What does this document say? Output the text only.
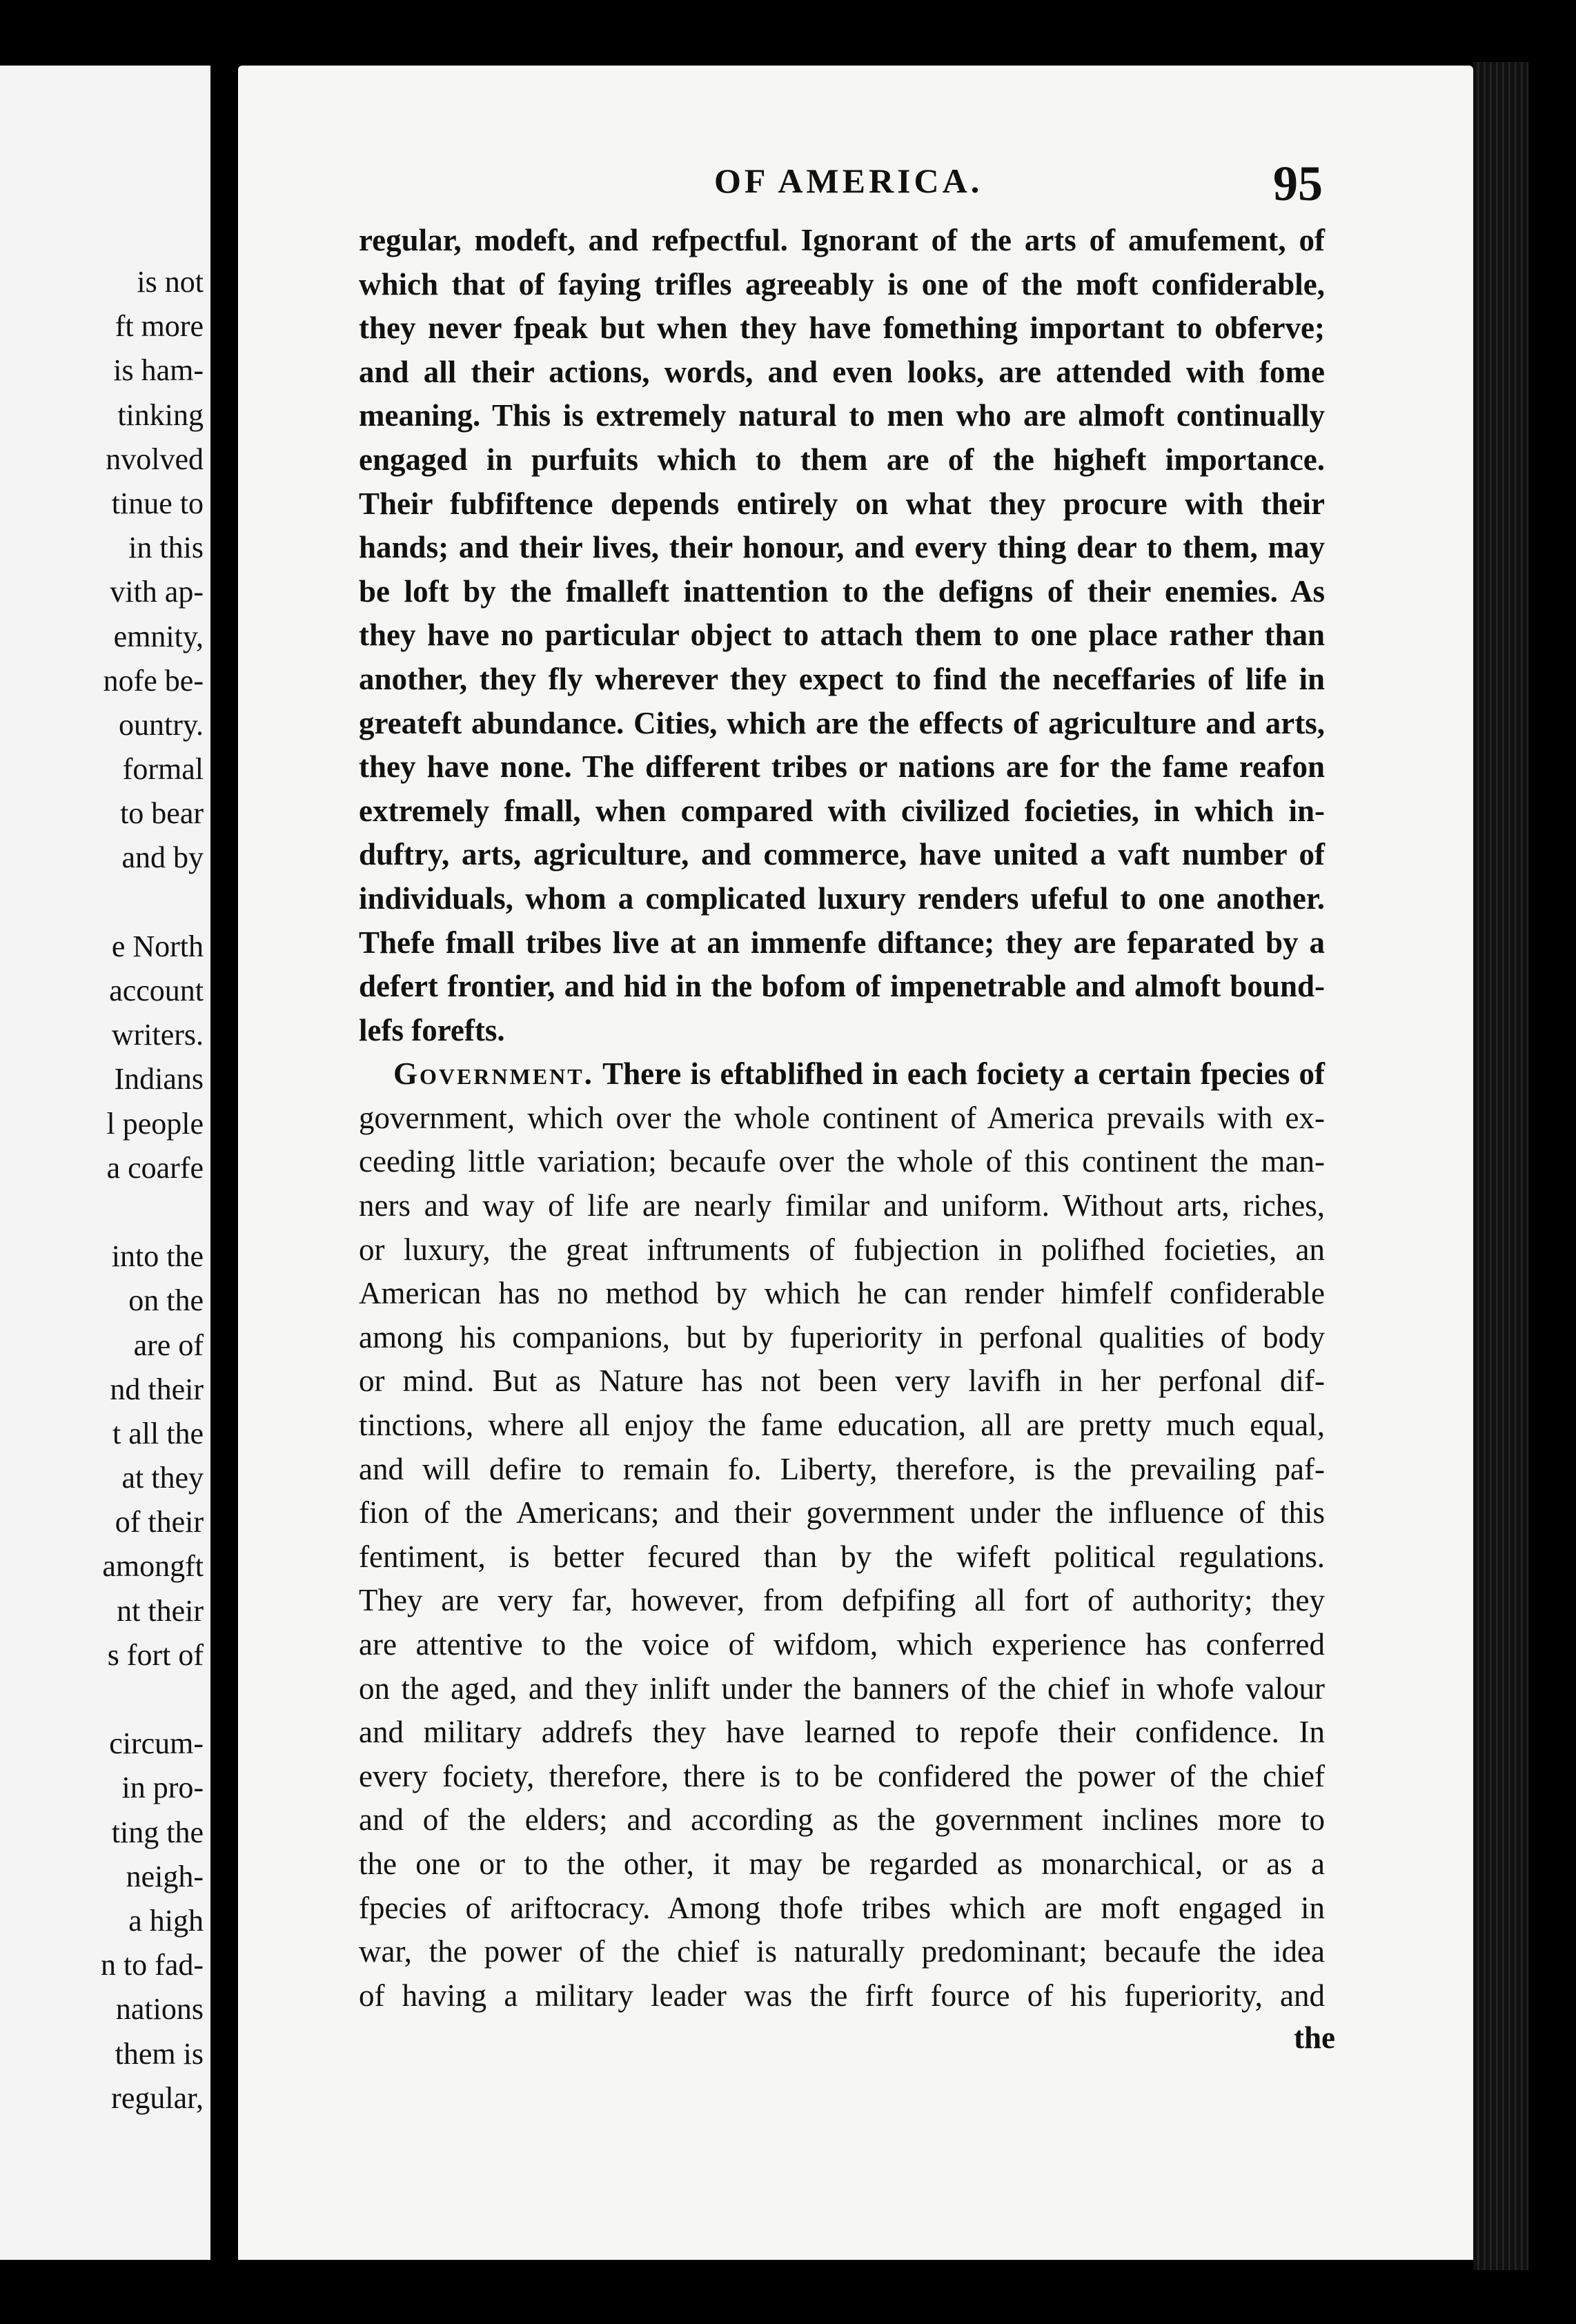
is not
ft more
is ham-
tinking
nvolved
tinue to
in this
vith ap-
emnity,
nofe be-
ountry.
formal
to bear
and by
e North
account
writers.
Indians
l people
a coarfe
into the
on the
are of
nd their
t all the
at they
of their
amongft
nt their
s fort of
circum-
in pro-
ting the
neigh-
a high
n to fad-
nations
them is
regular,
OF AMERICA.	95
regular, modeft, and refpectful. Ignorant of the arts of amufement, of
which that of faying trifles agreeably is one of the moft confiderable,
they never fpeak but when they have fomething important to obferve;
and all their actions, words, and even looks, are attended with fome
meaning. This is extremely natural to men who are almoft continually
engaged in purfuits which to them are of the higheft importance.
Their fubfiftence depends entirely on what they procure with their
hands; and their lives, their honour, and every thing dear to them, may
be loft by the fmalleft inattention to the defigns of their enemies. As
they have no particular object to attach them to one place rather than
another, they fly wherever they expect to find the neceffaries of life in
greateft abundance. Cities, which are the effects of agriculture and arts,
they have none. The different tribes or nations are for the fame reafon
extremely fmall, when compared with civilized focieties, in which in-
duftry, arts, agriculture, and commerce, have united a vaft number of
individuals, whom a complicated luxury renders ufeful to one another.
Thefe fmall tribes live at an immenfe diftance; they are feparated by a
defert frontier, and hid in the bofom of impenetrable and almoft bound-
lefs forefts.
Government. There is eftablifhed in each fociety a certain fpecies of
government, which over the whole continent of America prevails with ex-
ceeding little variation; becaufe over the whole of this continent the man-
ners and way of life are nearly fimilar and uniform. Without arts, riches,
or luxury, the great inftruments of fubjection in polifhed focieties, an
American has no method by which he can render himfelf confiderable
among his companions, but by fuperiority in perfonal qualities of body
or mind. But as Nature has not been very lavifh in her perfonal dif-
tinctions, where all enjoy the fame education, all are pretty much equal,
and will defire to remain fo. Liberty, therefore, is the prevailing paf-
fion of the Americans; and their government under the influence of this
fentiment, is better fecured than by the wifeft political regulations.
They are very far, however, from defpifing all fort of authority; they
are attentive to the voice of wifdom, which experience has conferred
on the aged, and they inlift under the banners of the chief in whofe valour
and military addrefs they have learned to repofe their confidence. In
every fociety, therefore, there is to be confidered the power of the chief
and of the elders; and according as the government inclines more to
the one or to the other, it may be regarded as monarchical, or as a
fpecies of ariftocracy. Among thofe tribes which are moft engaged in
war, the power of the chief is naturally predominant; becaufe the idea
of having a military leader was the firft fource of his fuperiority, and
the
